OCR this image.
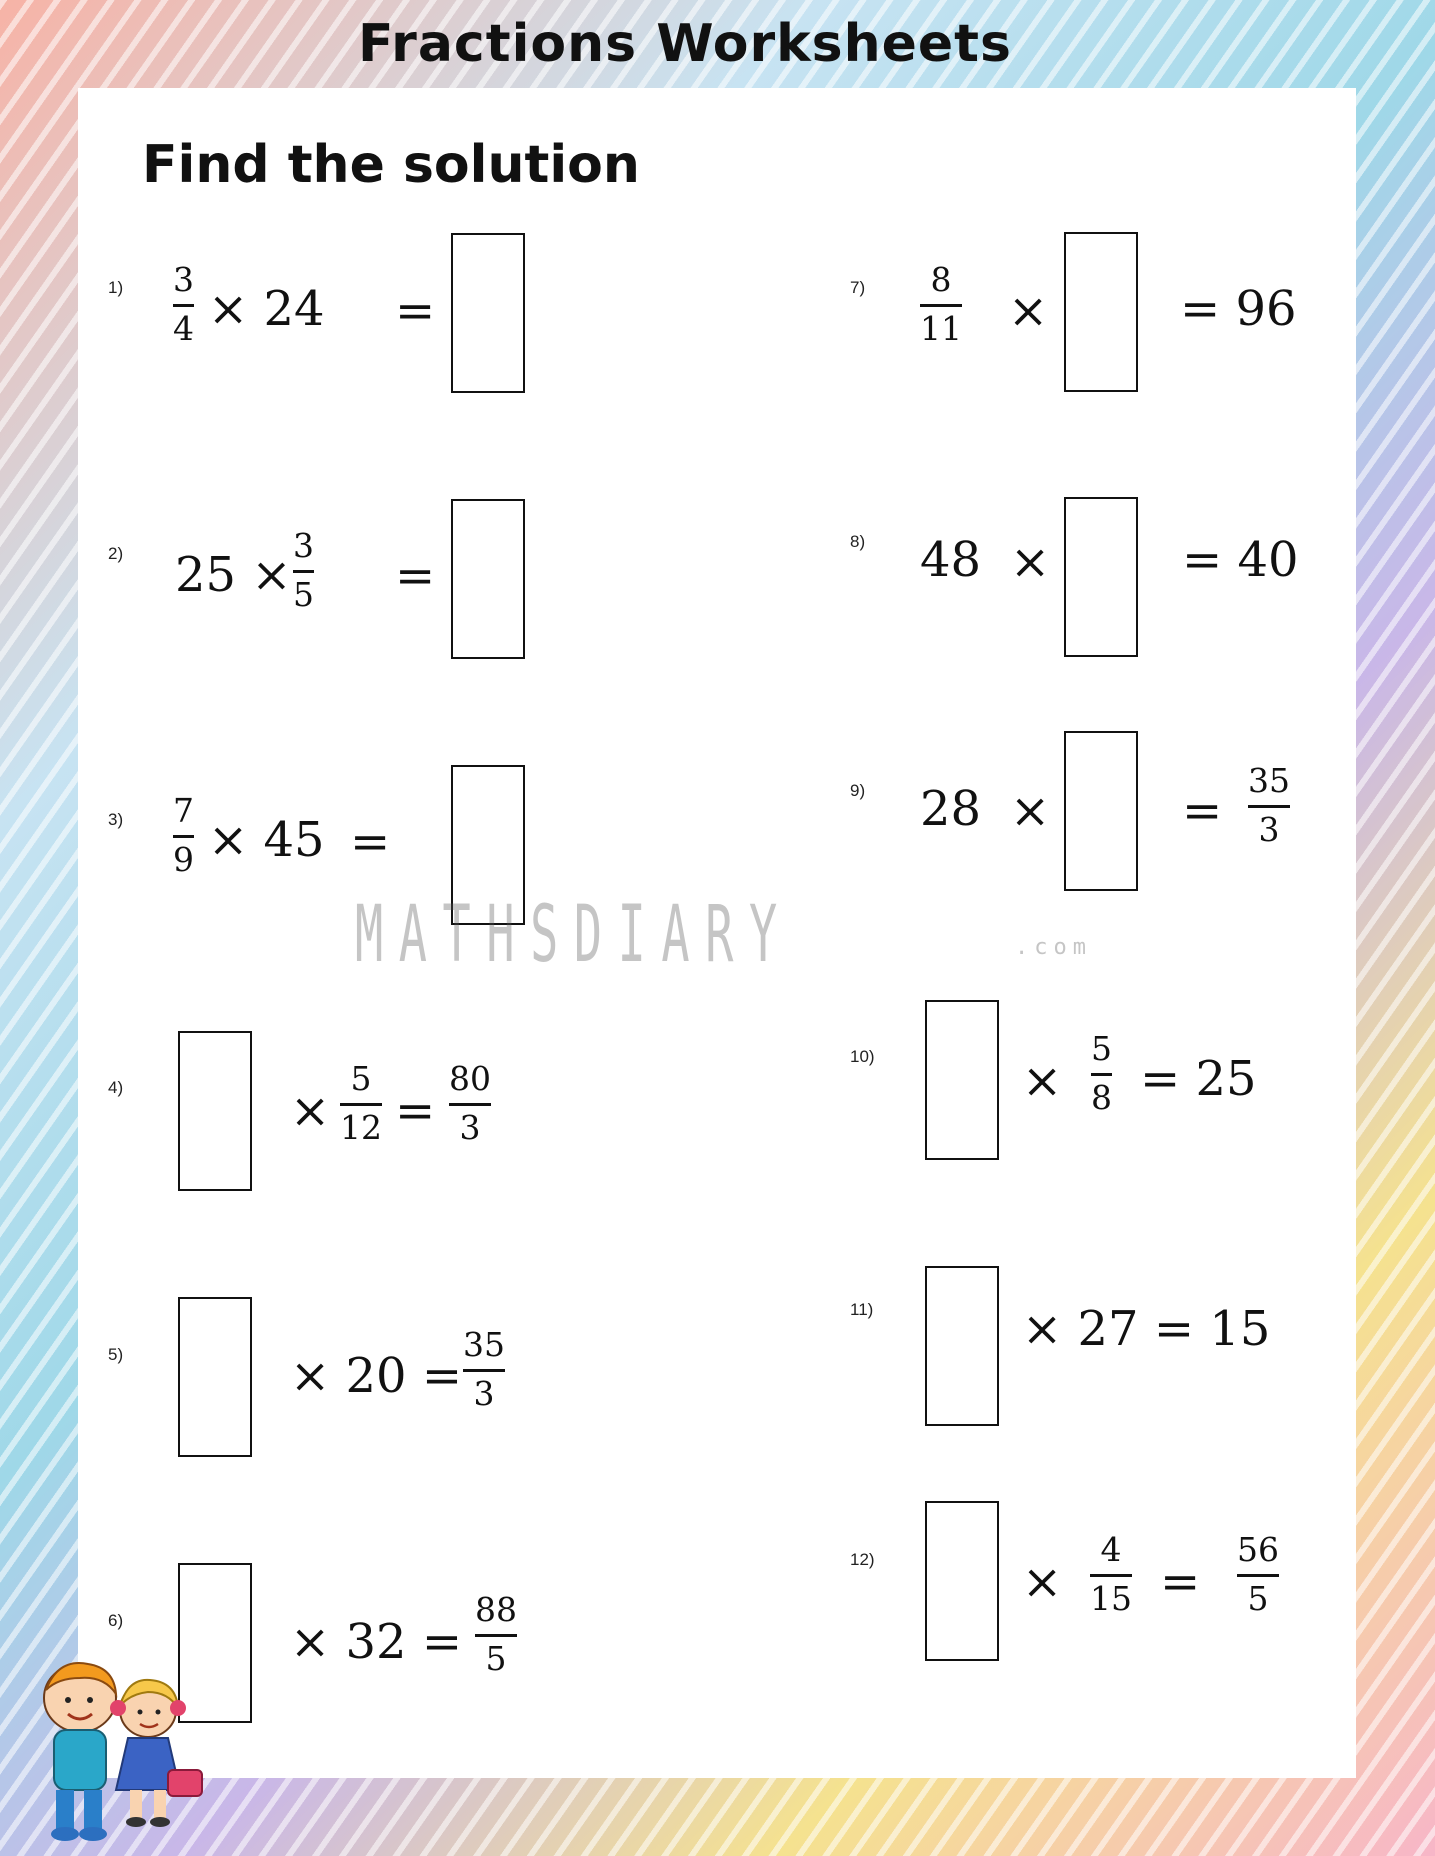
Fractions Worksheets
Find the solution
1) 3
4 × 24 =
2) 25 ×
3
5 =
3) 7
9 × 45 =
4)	×
5
12 =
80
3
5)	× 20 =
35
3
6)	× 32 =
88
5
7) 8
11 ×	= 96
8) 48 ×	= 40
9) 28 ×	=
35
3
10)	×
5
8 = 25
11)	× 27 = 15
12)	×
4
15 =
56
5
MATHSDIARY	.com
